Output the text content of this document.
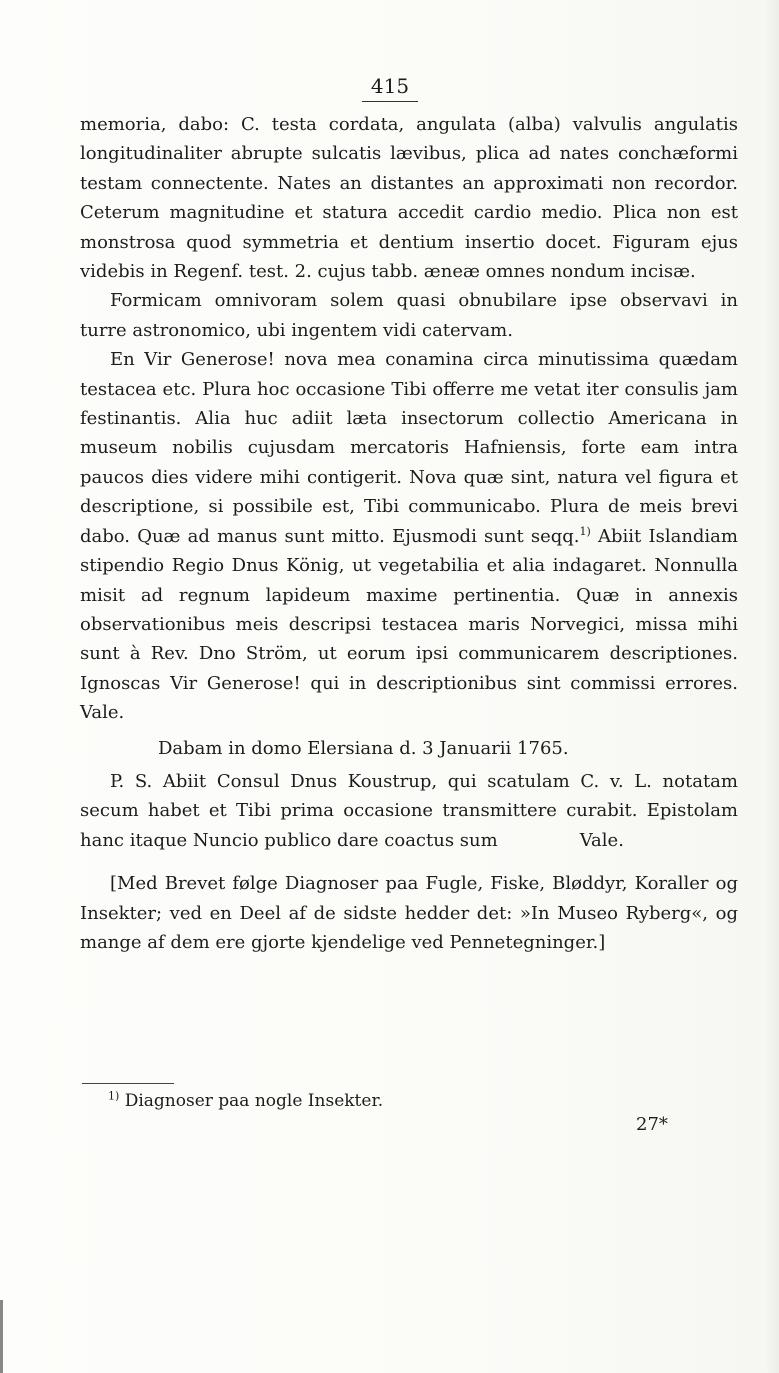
415

memoria, dabo: C. testa cordata, angulata (alba) valvulis angulatis longitudinaliter abrupte sulcatis lævibus, plica ad nates conchæformi testam connectente. Nates an distantes an approximati non recordor. Ceterum magnitudine et statura accedit cardio medio. Plica non est monstrosa quod symmetria et dentium insertio docet. Figuram ejus videbis in Regenf. test. 2. cujus tabb. æneæ omnes nondum incisæ.

Formicam omnivoram solem quasi obnubilare ipse observavi in turre astronomico, ubi ingentem vidi catervam.

En Vir Generose! nova mea conamina circa minutissima quædam testacea etc. Plura hoc occasione Tibi offerre me vetat iter consulis jam festinantis. Alia huc adiit læta insectorum collectio Americana in museum nobilis cujusdam mercatoris Hafniensis, forte eam intra paucos dies videre mihi contigerit. Nova quæ sint, natura vel figura et descriptione, si possibile est, Tibi communicabo. Plura de meis brevi dabo. Quæ ad manus sunt mitto. Ejusmodi sunt seqq.$^{1)}$ Abiit Islandiam stipendio Regio Dnus König, ut vegetabilia et alia indagaret. Nonnulla misit ad regnum lapideum maxime pertinentia. Quæ in annexis observationibus meis descripsi testacea maris Norvegici, missa mihi sunt à Rev. Dno Ström, ut eorum ipsi communicarem descriptiones. Ignoscas Vir Generose! qui in descriptionibus sint commissi errores. Vale.

Dabam in domo Elersiana d. 3 Januarii 1765.

P. S. Abiit Consul Dnus Koustrup, qui scatulam C. v. L. notatam secum habet et Tibi prima occasione transmittere curabit. Epistolam hanc itaque Nuncio publico dare coactus sum	Vale.

[Med Brevet følge Diagnoser paa Fugle, Fiske, Bløddyr, Koraller og Insekter; ved en Deel af de sidste hedder det: »In Museo Ryberg«, og mange af dem ere gjorte kjendelige ved Pennetegninger.]

$^{1)}$ Diagnoser paa nogle Insekter.
27*
